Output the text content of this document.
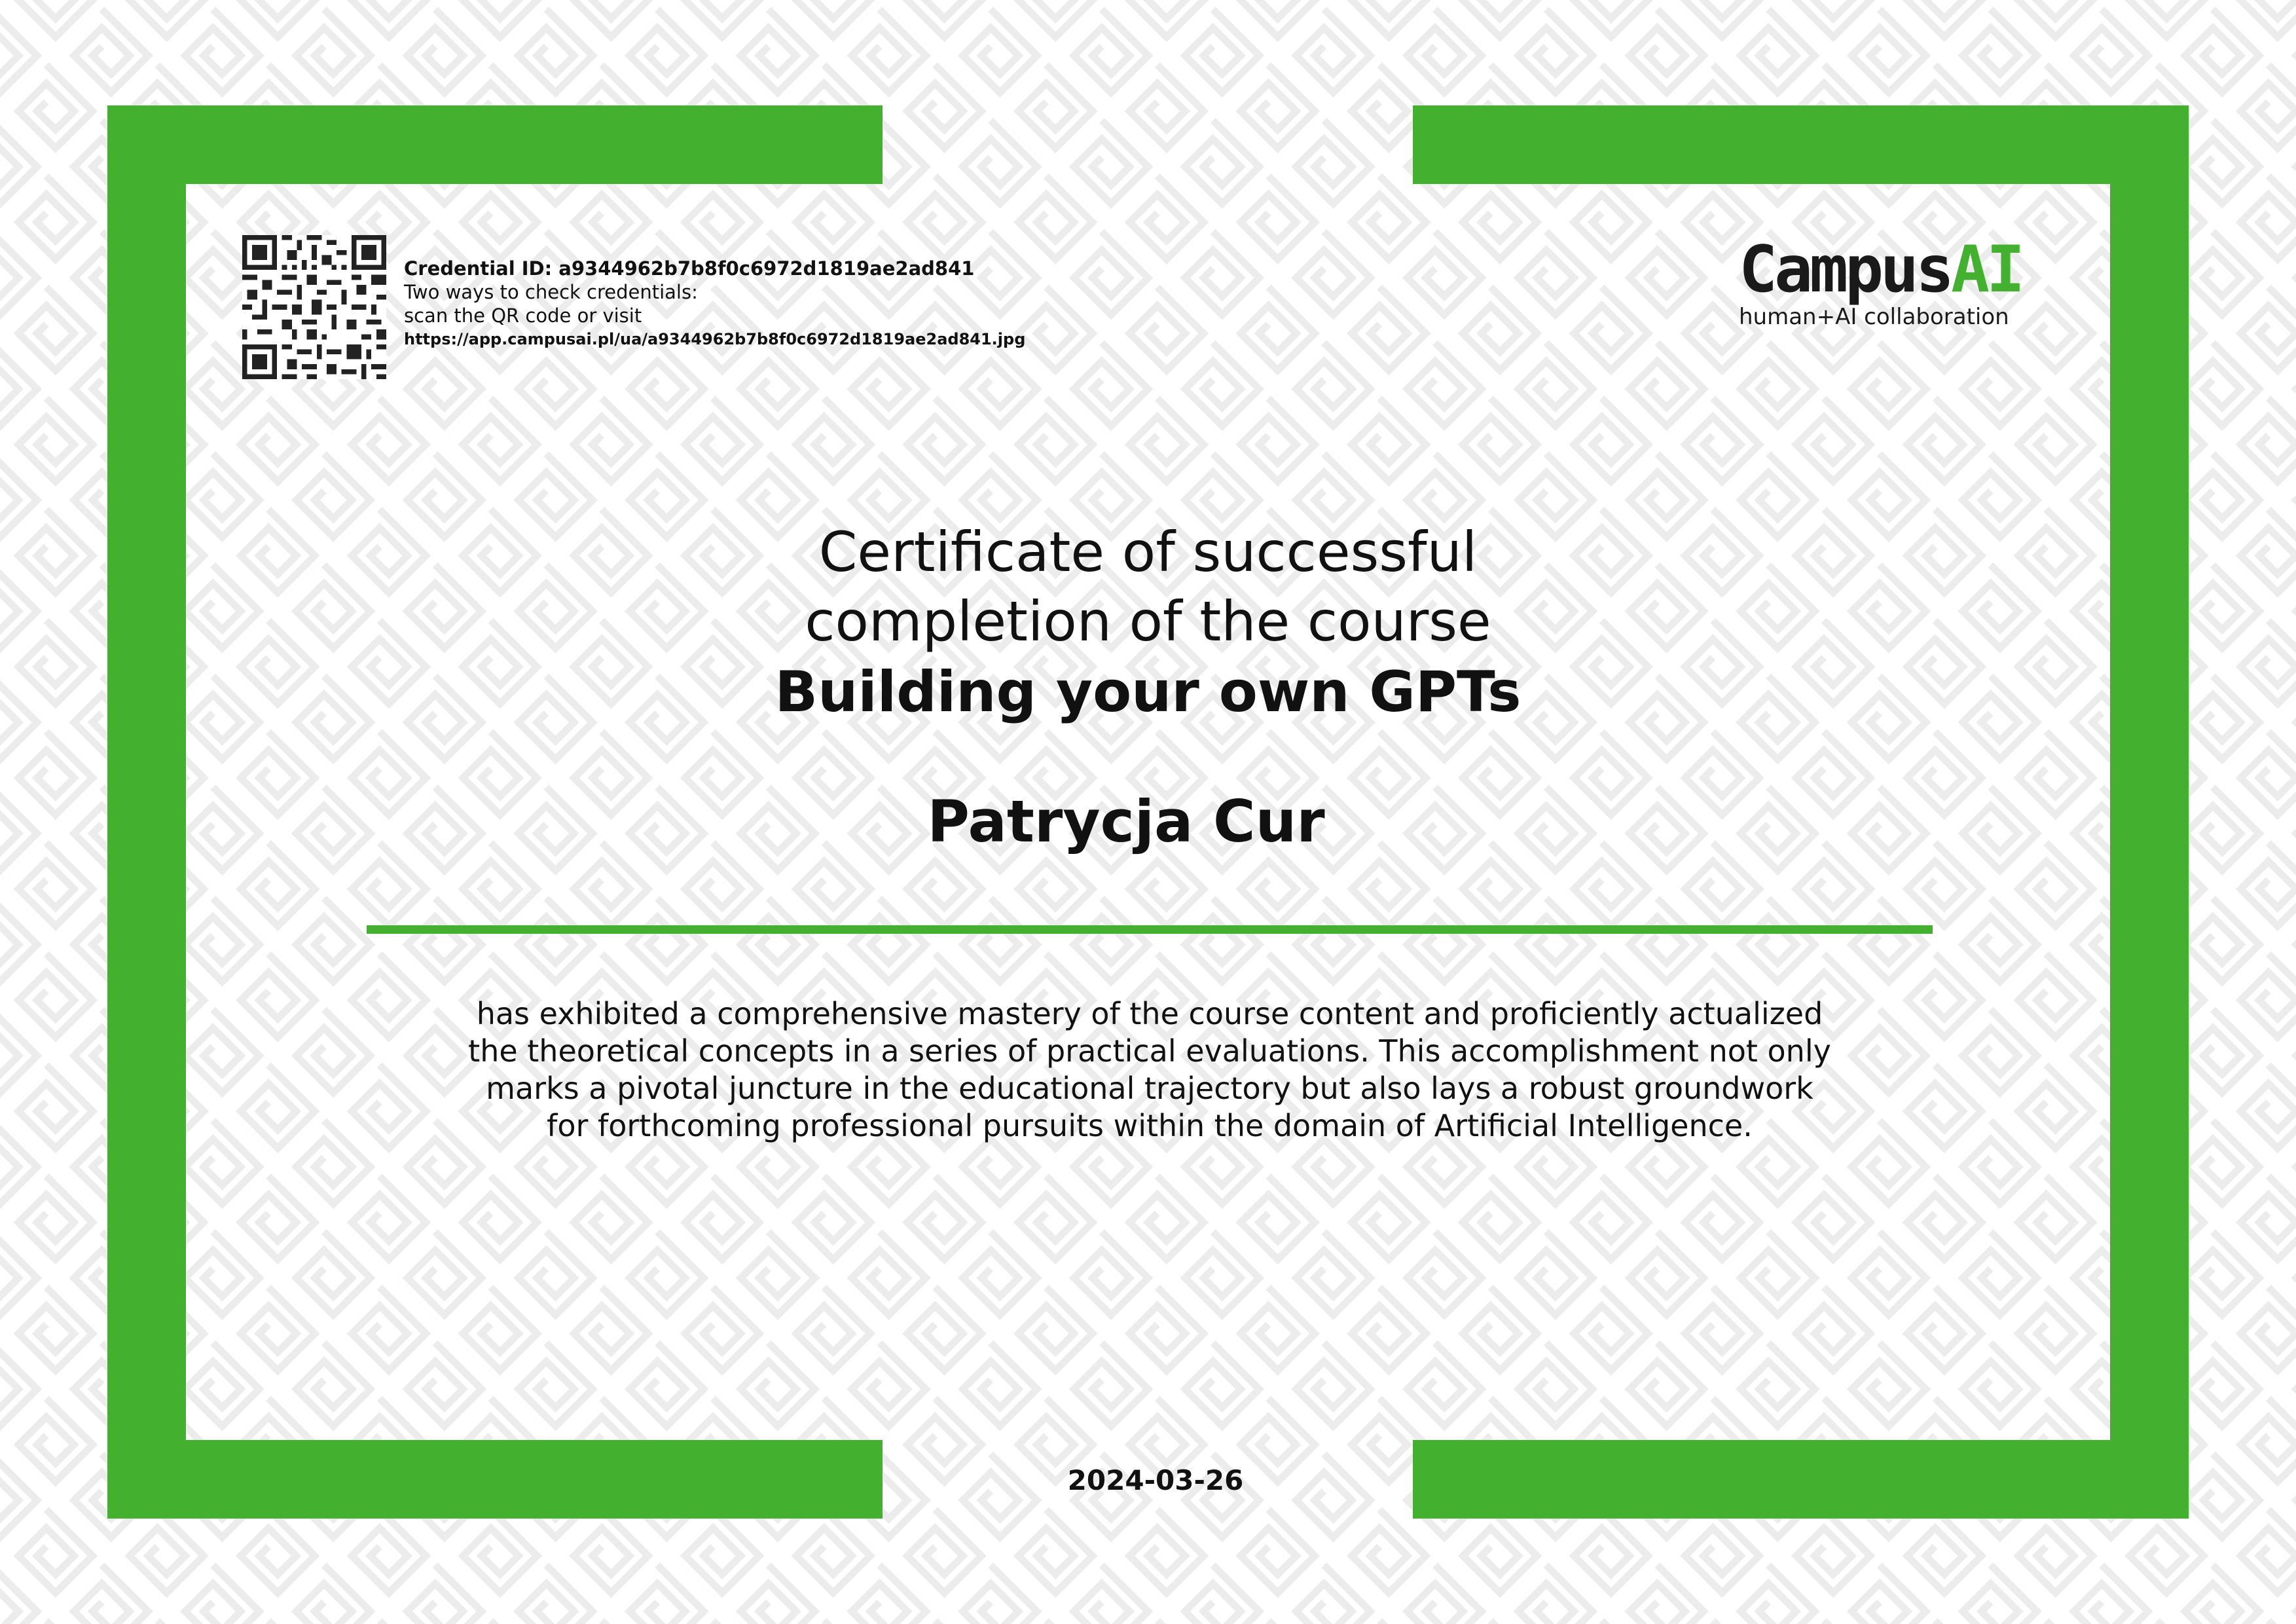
Credential ID: a9344962b7b8f0c6972d1819ae2ad841
Two ways to check credentials:
scan the QR code or visit
https://app.campusai.pl/ua/a9344962b7b8f0c6972d1819ae2ad841.jpg
CampusAI
human+AI collaboration
Certificate of successful
completion of the course
Building your own GPTs
Patrycja Cur

has exhibited a comprehensive mastery of the course content and proficiently actualized

the theoretical concepts in a series of practical evaluations. This accomplishment not only

marks a pivotal juncture in the educational trajectory but also lays a robust groundwork

for forthcoming professional pursuits within the domain of Artificial Intelligence.

2024-03-26
